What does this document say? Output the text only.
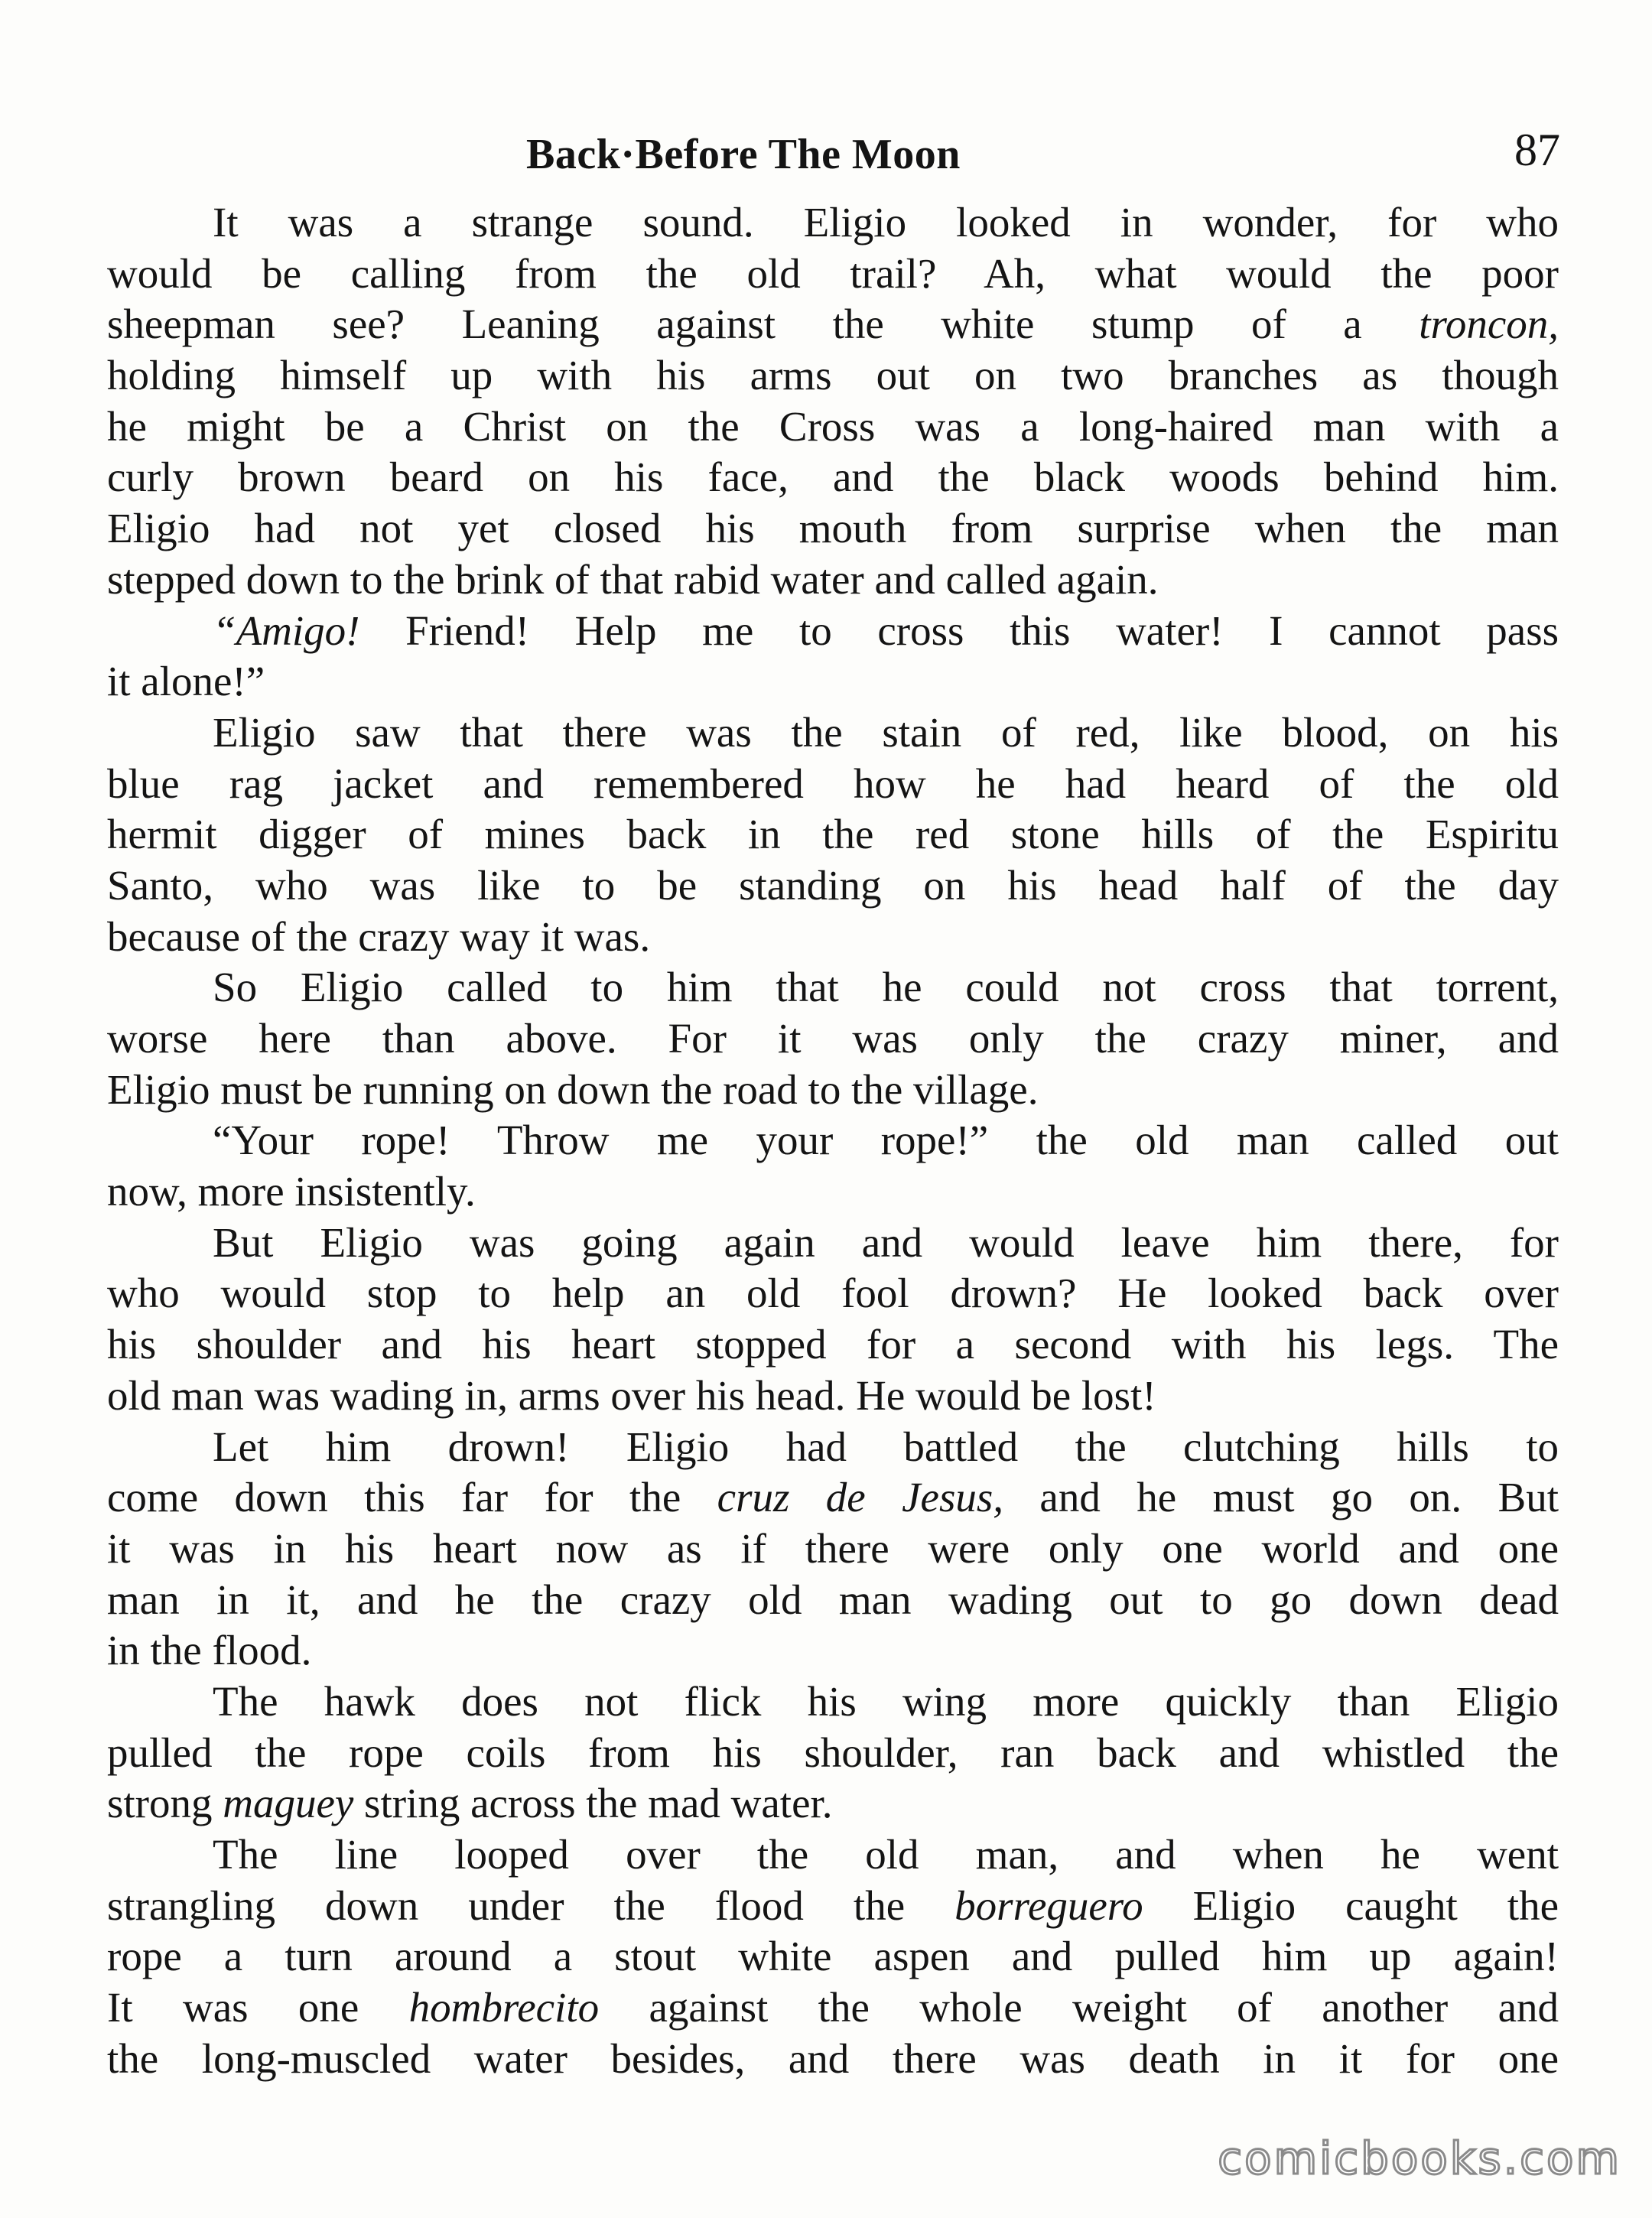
Back·Before The Moon	87
It was a strange sound. Eligio looked in wonder, for who
would be calling from the old trail? Ah, what would the poor
sheepman see? Leaning against the white stump of a troncon,
holding himself up with his arms out on two branches as though
he might be a Christ on the Cross was a long-haired man with a
curly brown beard on his face, and the black woods behind him.
Eligio had not yet closed his mouth from surprise when the man
stepped down to the brink of that rabid water and called again.
“Amigo! Friend! Help me to cross this water! I cannot pass
it alone!”
Eligio saw that there was the stain of red, like blood, on his
blue rag jacket and remembered how he had heard of the old
hermit digger of mines back in the red stone hills of the Espiritu
Santo, who was like to be standing on his head half of the day
because of the crazy way it was.
So Eligio called to him that he could not cross that torrent,
worse here than above. For it was only the crazy miner, and
Eligio must be running on down the road to the village.
“Your rope! Throw me your rope!” the old man called out
now, more insistently.
But Eligio was going again and would leave him there, for
who would stop to help an old fool drown? He looked back over
his shoulder and his heart stopped for a second with his legs. The
old man was wading in, arms over his head. He would be lost!
Let him drown! Eligio had battled the clutching hills to
come down this far for the cruz de Jesus, and he must go on. But
it was in his heart now as if there were only one world and one
man in it, and he the crazy old man wading out to go down dead
in the flood.
The hawk does not flick his wing more quickly than Eligio
pulled the rope coils from his shoulder, ran back and whistled the
strong maguey string across the mad water.
The line looped over the old man, and when he went
strangling down under the flood the borreguero Eligio caught the
rope a turn around a stout white aspen and pulled him up again!
It was one hombrecito against the whole weight of another and
the long-muscled water besides, and there was death in it for one
comicbooks.com
